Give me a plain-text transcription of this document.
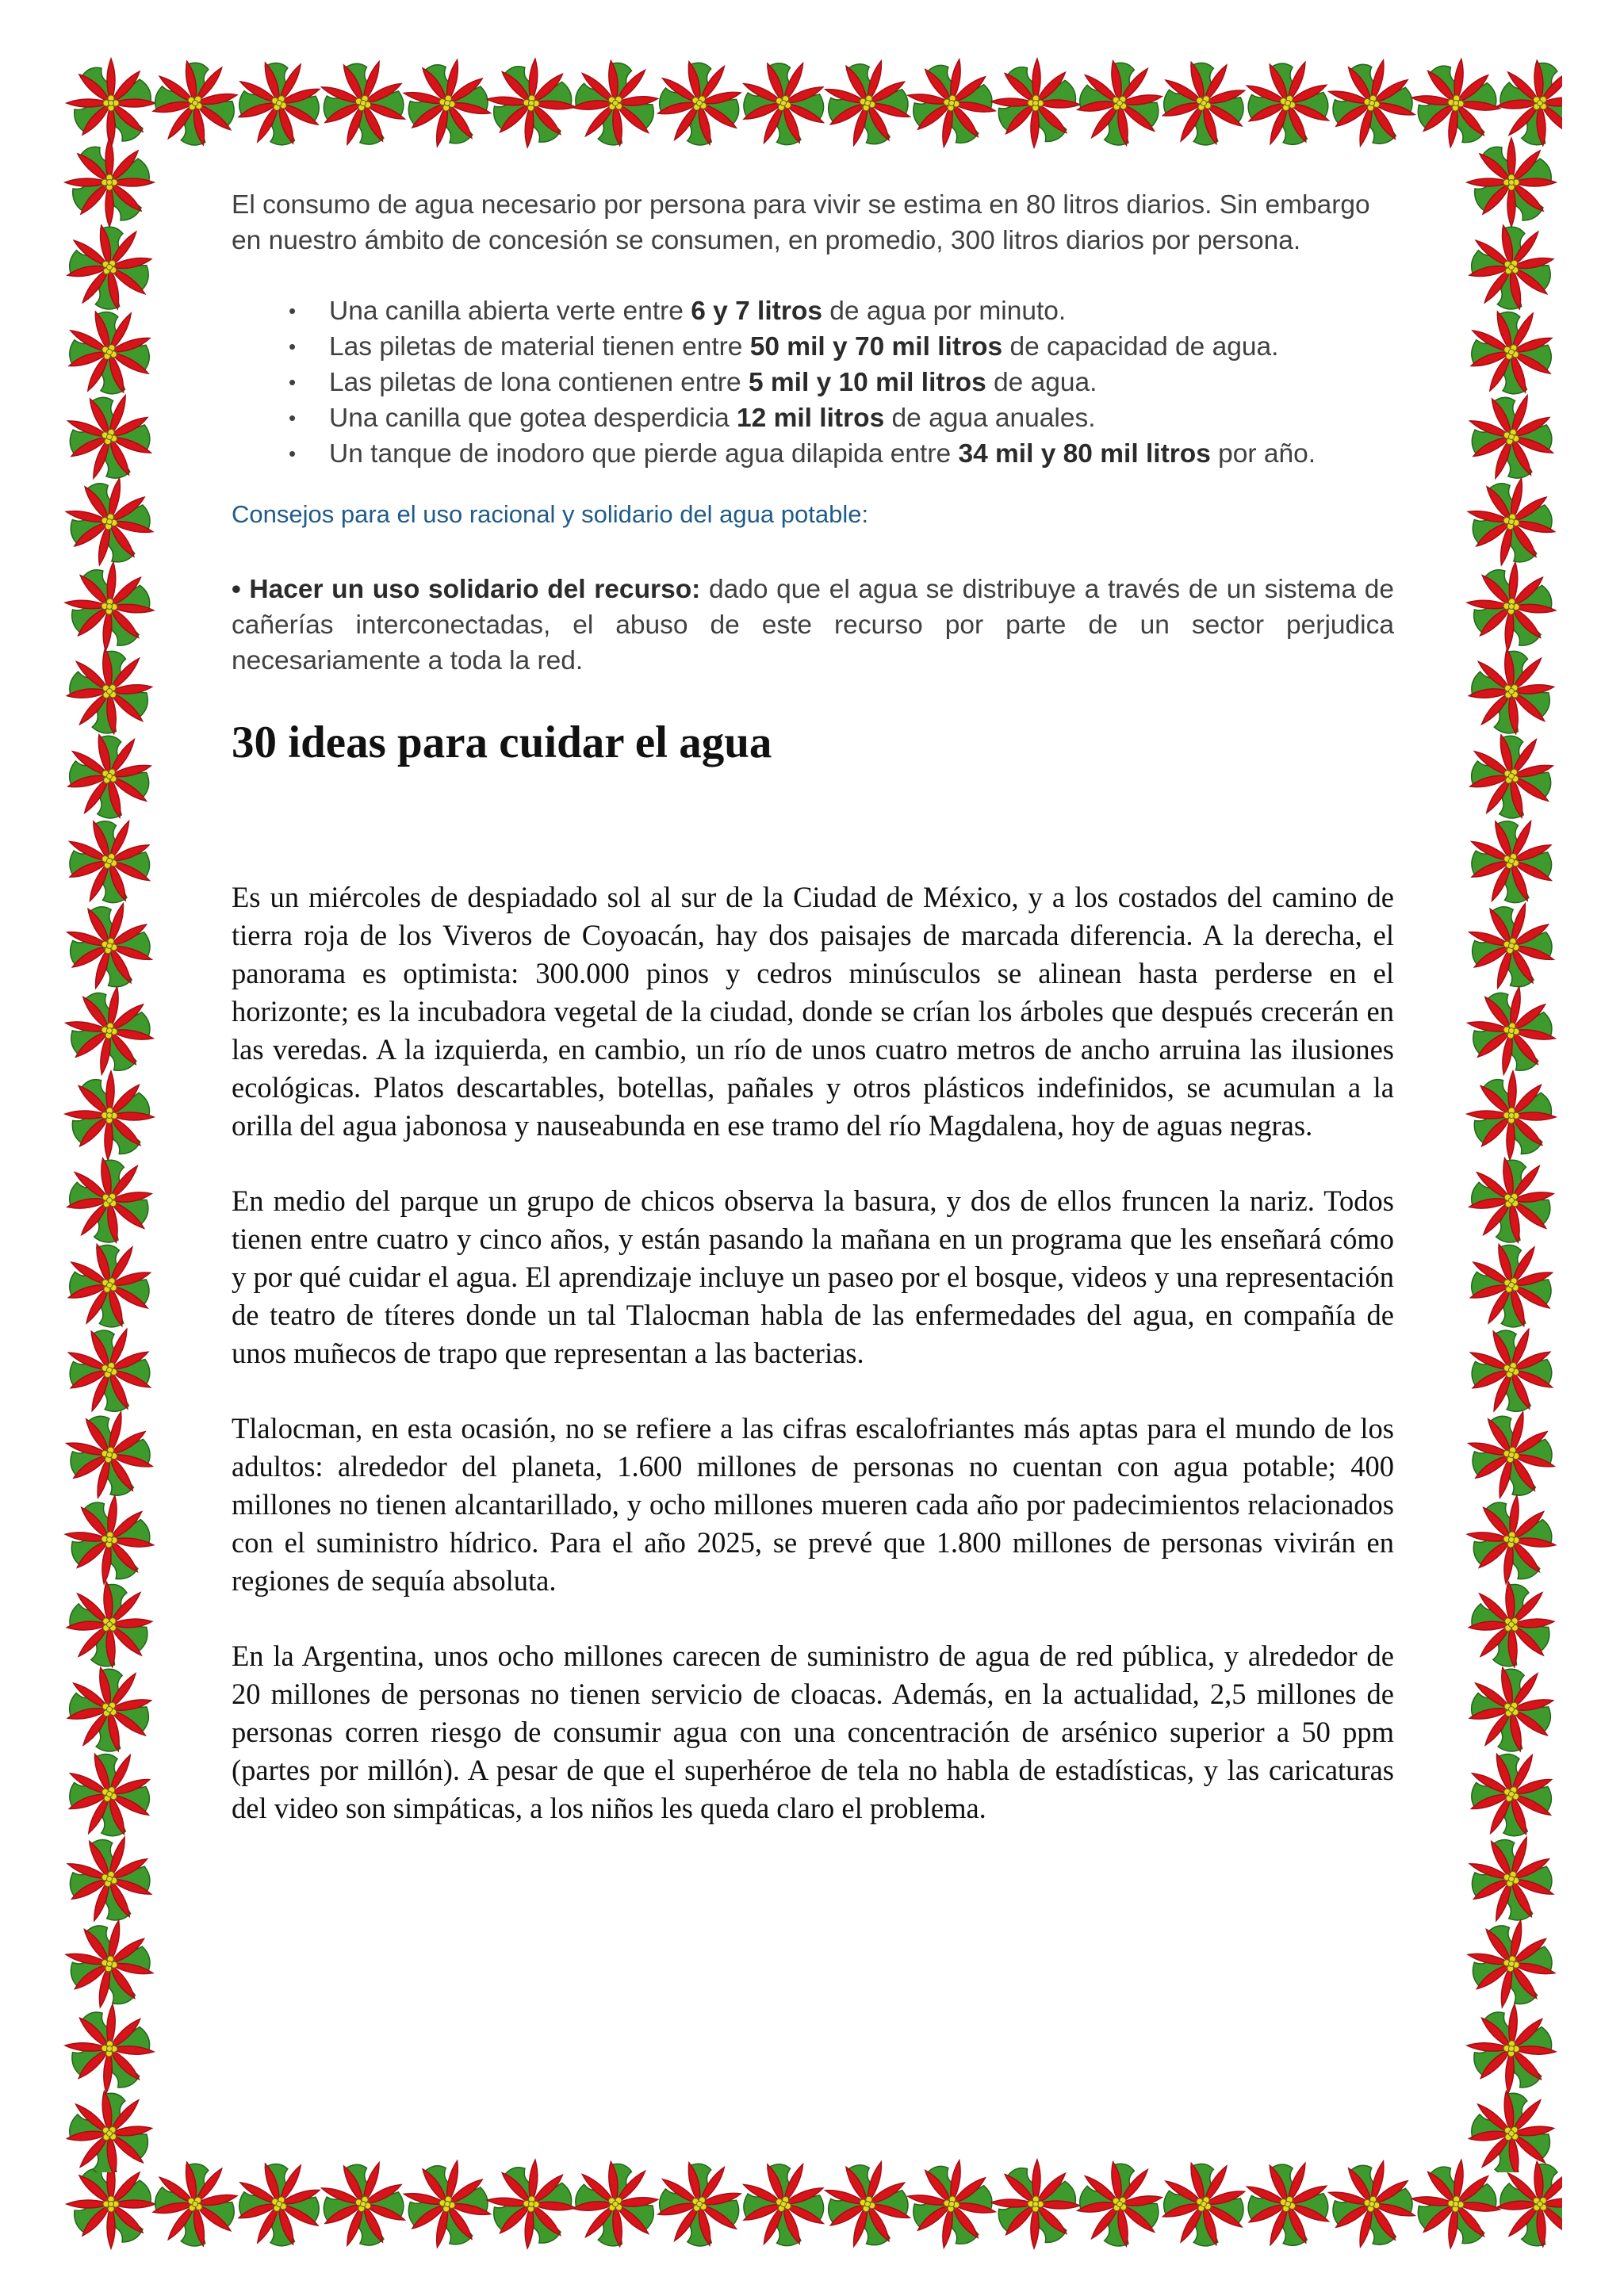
El consumo de agua necesario por persona para vivir se estima en 80 litros diarios. Sin embargo en nuestro ámbito de concesión se consumen, en promedio, 300 litros diarios por persona.

• Una canilla abierta verte entre 6 y 7 litros de agua por minuto.
• Las piletas de material tienen entre 50 mil y 70 mil litros de capacidad de agua.
• Las piletas de lona contienen entre 5 mil y 10 mil litros de agua.
• Una canilla que gotea desperdicia 12 mil litros de agua anuales.
• Un tanque de inodoro que pierde agua dilapida entre 34 mil y 80 mil litros por año.

Consejos para el uso racional y solidario del agua potable:

• Hacer un uso solidario del recurso: dado que el agua se distribuye a través de un sistema de cañerías interconectadas, el abuso de este recurso por parte de un sector perjudica necesariamente a toda la red.

30 ideas para cuidar el agua

Es un miércoles de despiadado sol al sur de la Ciudad de México, y a los costados del camino de tierra roja de los Viveros de Coyoacán, hay dos paisajes de marcada diferencia. A la derecha, el panorama es optimista: 300.000 pinos y cedros minúsculos se alinean hasta perderse en el horizonte; es la incubadora vegetal de la ciudad, donde se crían los árboles que después crecerán en las veredas. A la izquierda, en cambio, un río de unos cuatro metros de ancho arruina las ilusiones ecológicas. Platos descartables, botellas, pañales y otros plásticos indefinidos, se acumulan a la orilla del agua jabonosa y nauseabunda en ese tramo del río Magdalena, hoy de aguas negras.

En medio del parque un grupo de chicos observa la basura, y dos de ellos fruncen la nariz. Todos tienen entre cuatro y cinco años, y están pasando la mañana en un programa que les enseñará cómo y por qué cuidar el agua. El aprendizaje incluye un paseo por el bosque, videos y una representación de teatro de títeres donde un tal Tlalocman habla de las enfermedades del agua, en compañía de unos muñecos de trapo que representan a las bacterias.

Tlalocman, en esta ocasión, no se refiere a las cifras escalofriantes más aptas para el mundo de los adultos: alrededor del planeta, 1.600 millones de personas no cuentan con agua potable; 400 millones no tienen alcantarillado, y ocho millones mueren cada año por padecimientos relacionados con el suministro hídrico. Para el año 2025, se prevé que 1.800 millones de personas vivirán en regiones de sequía absoluta.

En la Argentina, unos ocho millones carecen de suministro de agua de red pública, y alrededor de 20 millones de personas no tienen servicio de cloacas. Además, en la actualidad, 2,5 millones de personas corren riesgo de consumir agua con una concentración de arsénico superior a 50 ppm (partes por millón). A pesar de que el superhéroe de tela no habla de estadísticas, y las caricaturas del video son simpáticas, a los niños les queda claro el problema.
